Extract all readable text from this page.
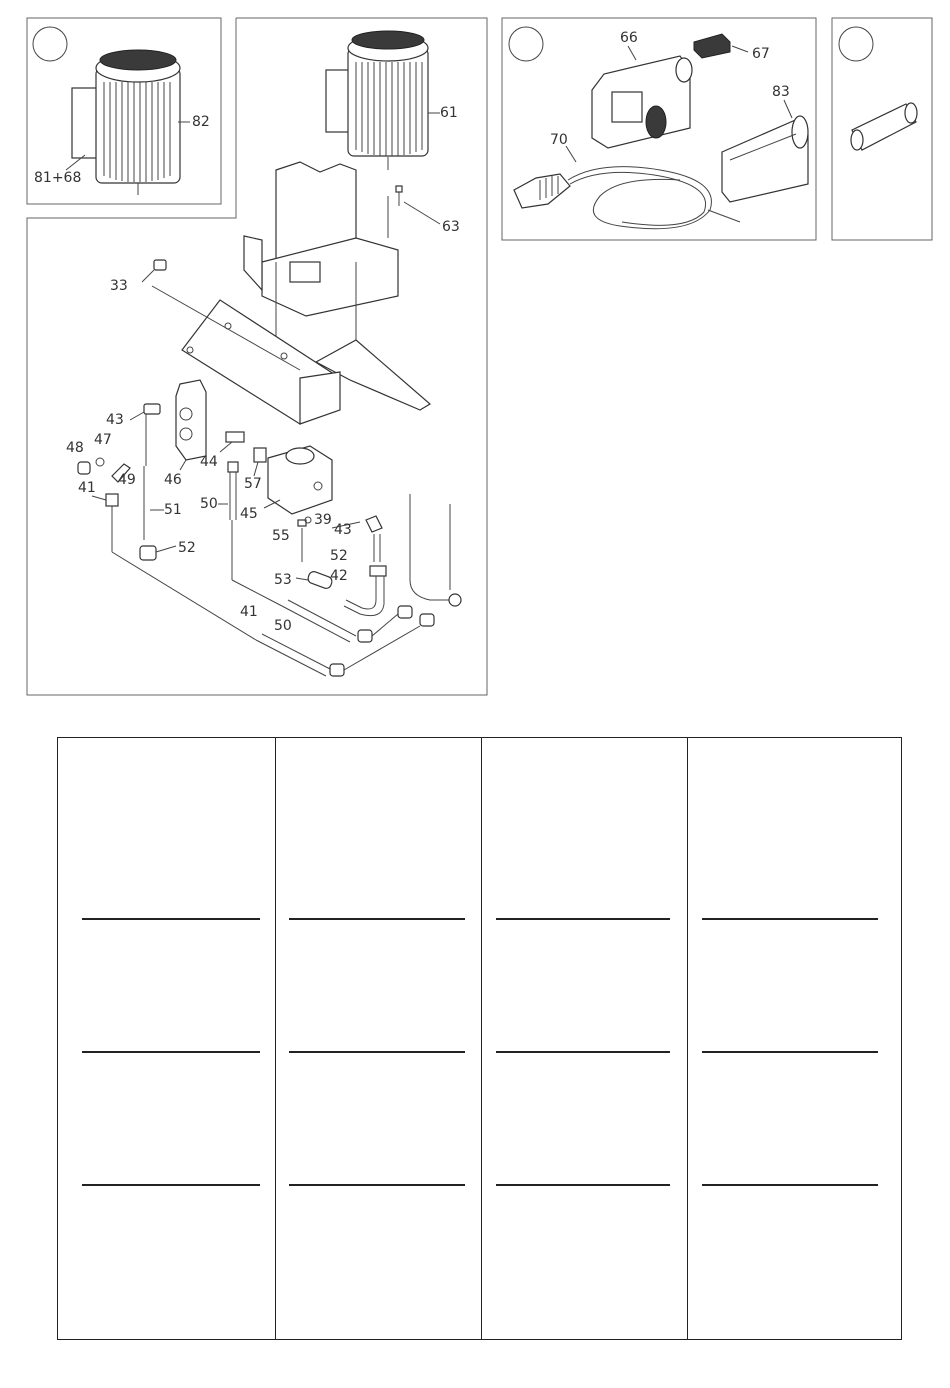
82
81+68
61
63
33
46
43
44
57
48 47
49
41
51
52
50
45
55
39
43
52
42
53
41
50
66
67
70
83
